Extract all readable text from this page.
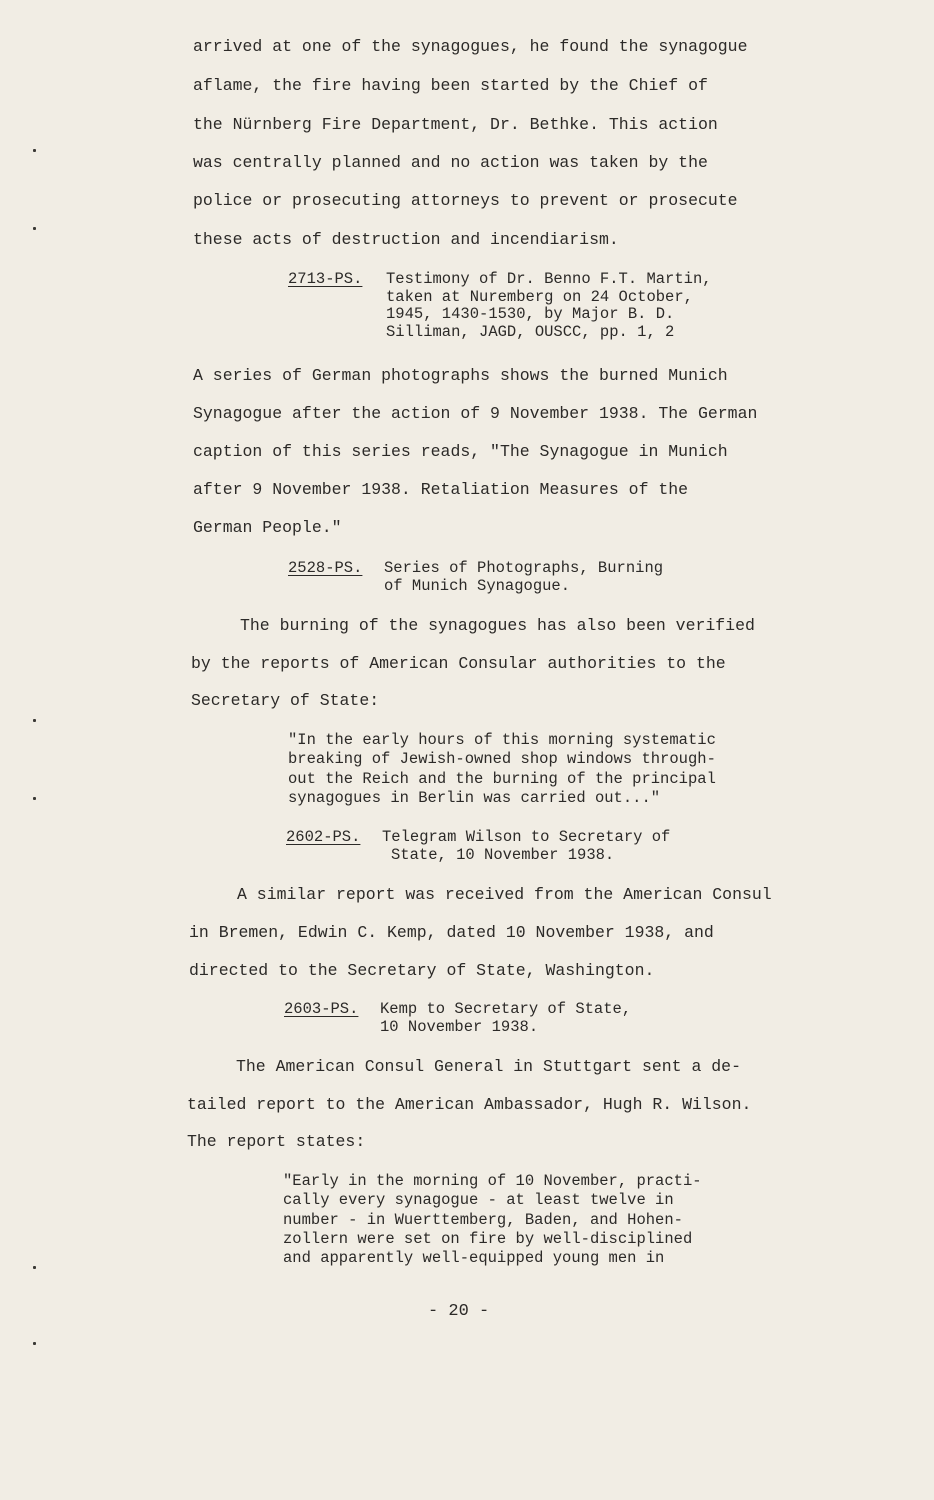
arrived at one of the synagogues, he found the synagogue
aflame, the fire having been started by the Chief of
the Nürnberg Fire Department, Dr. Bethke. This action
was centrally planned and no action was taken by the
police or prosecuting attorneys to prevent or prosecute
these acts of destruction and incendiarism.
2713-PS. Testimony of Dr. Benno F.T. Martin,
taken at Nuremberg on 24 October,
1945, 1430-1530, by Major B. D.
Silliman, JAGD, OUSCC, pp. 1, 2
A series of German photographs shows the burned Munich
Synagogue after the action of 9 November 1938. The German
caption of this series reads, "The Synagogue in Munich
after 9 November 1938. Retaliation Measures of the
German People."
2528-PS. Series of Photographs, Burning
of Munich Synagogue.
The burning of the synagogues has also been verified
by the reports of American Consular authorities to the
Secretary of State:
"In the early hours of this morning systematic
breaking of Jewish-owned shop windows through-
out the Reich and the burning of the principal
synagogues in Berlin was carried out..."
2602-PS. Telegram Wilson to Secretary of
State, 10 November 1938.
A similar report was received from the American Consul
in Bremen, Edwin C. Kemp, dated 10 November 1938, and
directed to the Secretary of State, Washington.
2603-PS. Kemp to Secretary of State,
10 November 1938.
The American Consul General in Stuttgart sent a de-
tailed report to the American Ambassador, Hugh R. Wilson.
The report states:
"Early in the morning of 10 November, practi-
cally every synagogue - at least twelve in
number - in Wuerttemberg, Baden, and Hohen-
zollern were set on fire by well-disciplined
and apparently well-equipped young men in
- 20 -
